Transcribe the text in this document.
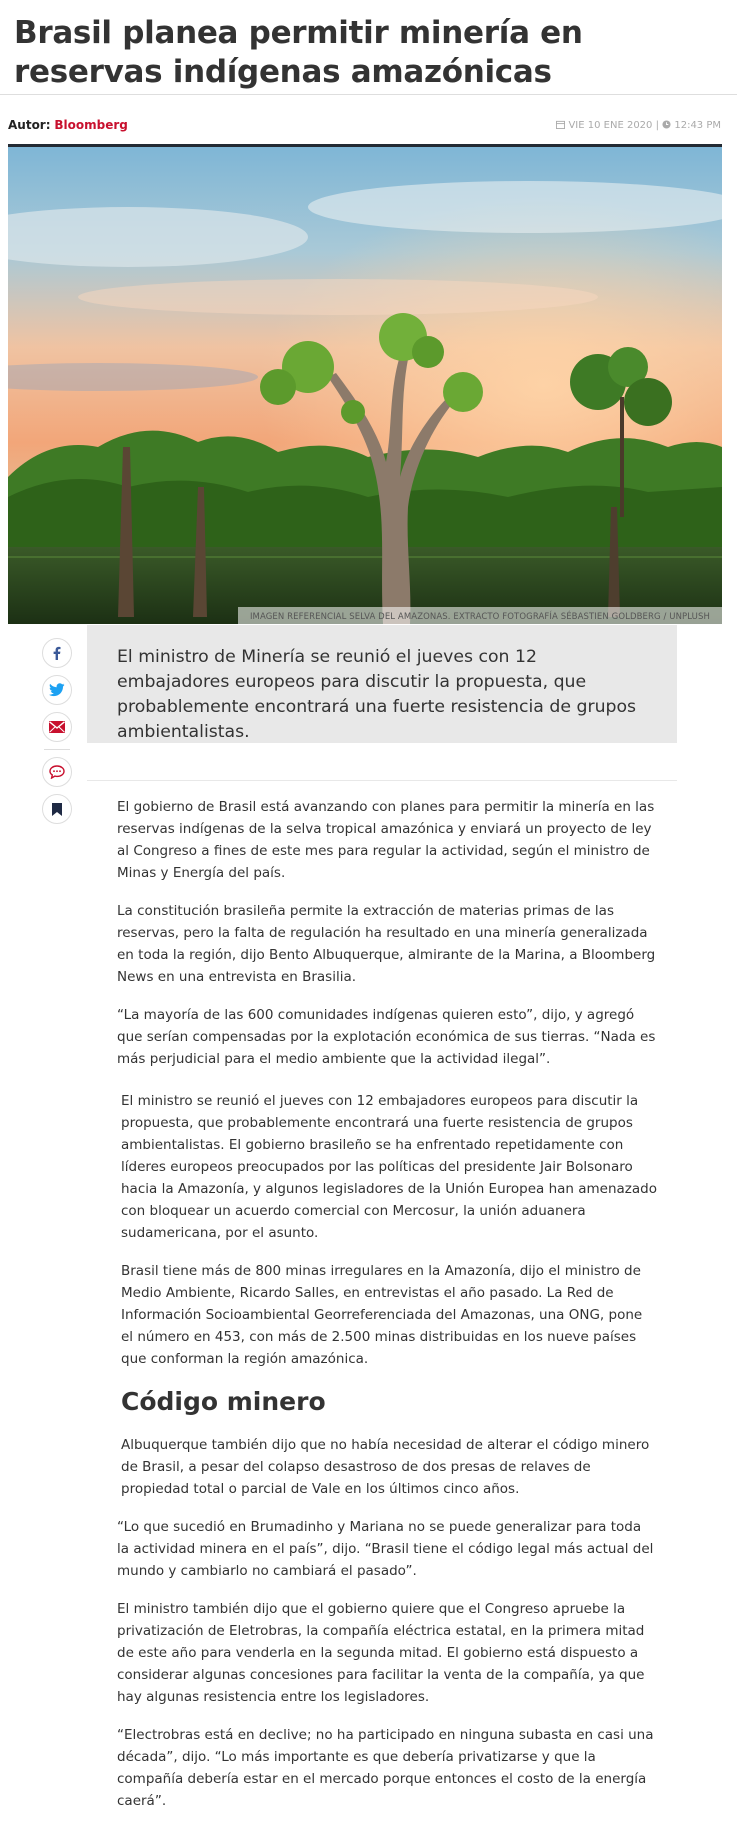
Brasil planea permitir minería en reservas indígenas amazónicas
Autor: Bloomberg	VIE 10 ENE 2020 | 12:43 PM
IMAGEN REFERENCIAL SELVA DEL AMAZONAS. EXTRACTO FOTOGRAFÍA SÉBASTIEN GOLDBERG / UNPLUSH
El ministro de Minería se reunió el jueves con 12 embajadores europeos para discutir la propuesta, que probablemente encontrará una fuerte resistencia de grupos ambientalistas.

El gobierno de Brasil está avanzando con planes para permitir la minería en las reservas indígenas de la selva tropical amazónica y enviará un proyecto de ley al Congreso a fines de este mes para regular la actividad, según el ministro de Minas y Energía del país.

La constitución brasileña permite la extracción de materias primas de las reservas, pero la falta de regulación ha resultado en una minería generalizada en toda la región, dijo Bento Albuquerque, almirante de la Marina, a Bloomberg News en una entrevista en Brasilia.

“La mayoría de las 600 comunidades indígenas quieren esto”, dijo, y agregó que serían compensadas por la explotación económica de sus tierras. “Nada es más perjudicial para el medio ambiente que la actividad ilegal”.

El ministro se reunió el jueves con 12 embajadores europeos para discutir la propuesta, que probablemente encontrará una fuerte resistencia de grupos ambientalistas. El gobierno brasileño se ha enfrentado repetidamente con líderes europeos preocupados por las políticas del presidente Jair Bolsonaro hacia la Amazonía, y algunos legisladores de la Unión Europea han amenazado con bloquear un acuerdo comercial con Mercosur, la unión aduanera sudamericana, por el asunto.

Brasil tiene más de 800 minas irregulares en la Amazonía, dijo el ministro de Medio Ambiente, Ricardo Salles, en entrevistas el año pasado. La Red de Información Socioambiental Georreferenciada del Amazonas, una ONG, pone el número en 453, con más de 2.500 minas distribuidas en los nueve países que conforman la región amazónica.

Código minero

Albuquerque también dijo que no había necesidad de alterar el código minero de Brasil, a pesar del colapso desastroso de dos presas de relaves de propiedad total o parcial de Vale en los últimos cinco años.

“Lo que sucedió en Brumadinho y Mariana no se puede generalizar para toda la actividad minera en el país”, dijo. “Brasil tiene el código legal más actual del mundo y cambiarlo no cambiará el pasado”.

El ministro también dijo que el gobierno quiere que el Congreso apruebe la privatización de Eletrobras, la compañía eléctrica estatal, en la primera mitad de este año para venderla en la segunda mitad. El gobierno está dispuesto a considerar algunas concesiones para facilitar la venta de la compañía, ya que hay algunas resistencia entre los legisladores.

“Electrobras está en declive; no ha participado en ninguna subasta en casi una década”, dijo. “Lo más importante es que debería privatizarse y que la compañía debería estar en el mercado porque entonces el costo de la energía caerá”.
